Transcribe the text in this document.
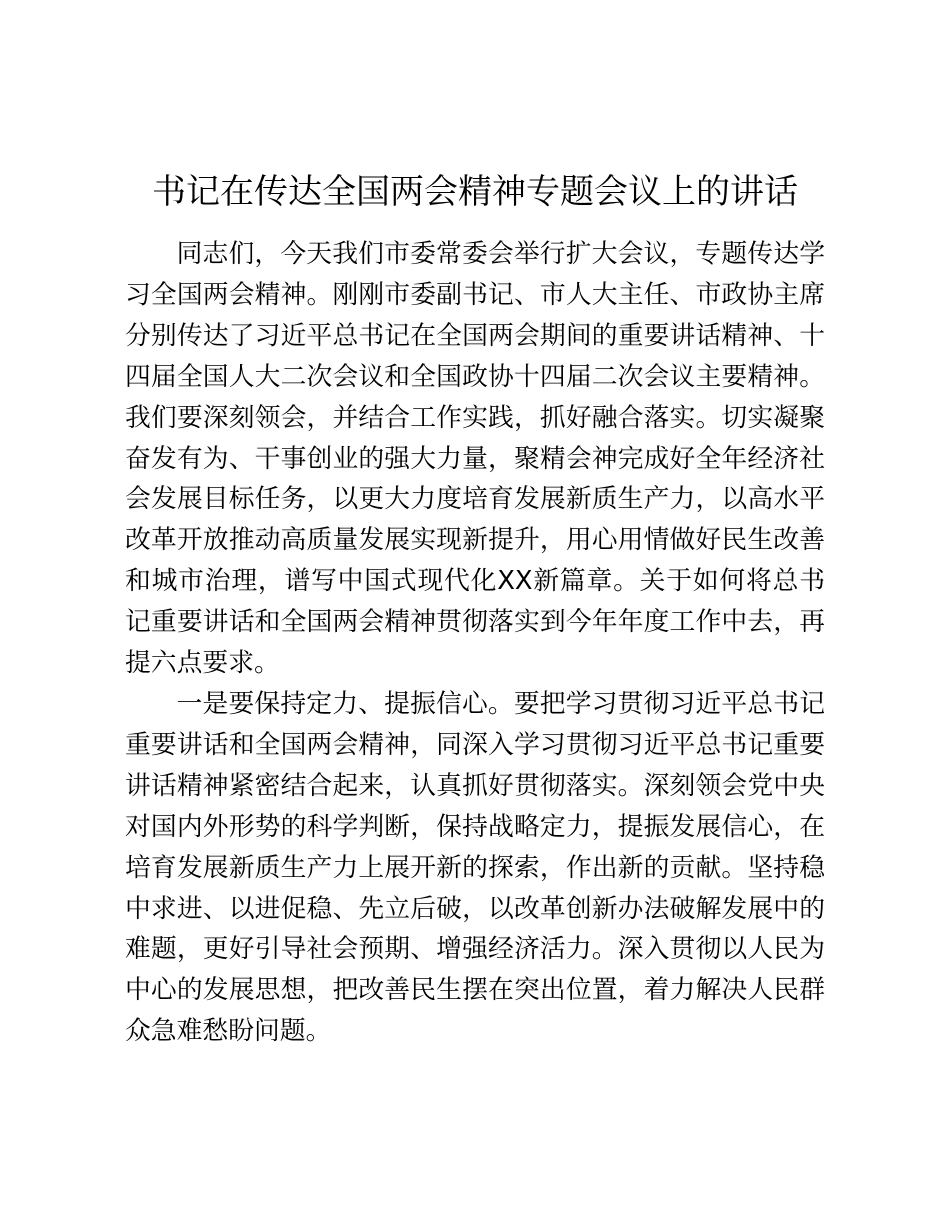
书记在传达全国两会精神专题会议上的讲话

同志们，今天我们市委常委会举行扩大会议，专题传达学习全国两会精神。刚刚市委副书记、市人大主任、市政协主席分别传达了习近平总书记在全国两会期间的重要讲话精神、十四届全国人大二次会议和全国政协十四届二次会议主要精神。我们要深刻领会，并结合工作实践，抓好融合落实。切实凝聚奋发有为、干事创业的强大力量，聚精会神完成好全年经济社会发展目标任务，以更大力度培育发展新质生产力，以高水平改革开放推动高质量发展实现新提升，用心用情做好民生改善和城市治理，谱写中国式现代化XX新篇章。关于如何将总书记重要讲话和全国两会精神贯彻落实到今年年度工作中去，再提六点要求。

一是要保持定力、提振信心。要把学习贯彻习近平总书记重要讲话和全国两会精神，同深入学习贯彻习近平总书记重要讲话精神紧密结合起来，认真抓好贯彻落实。深刻领会党中央对国内外形势的科学判断，保持战略定力，提振发展信心，在培育发展新质生产力上展开新的探索，作出新的贡献。坚持稳中求进、以进促稳、先立后破，以改革创新办法破解发展中的难题，更好引导社会预期、增强经济活力。深入贯彻以人民为中心的发展思想，把改善民生摆在突出位置，着力解决人民群众急难愁盼问题。
